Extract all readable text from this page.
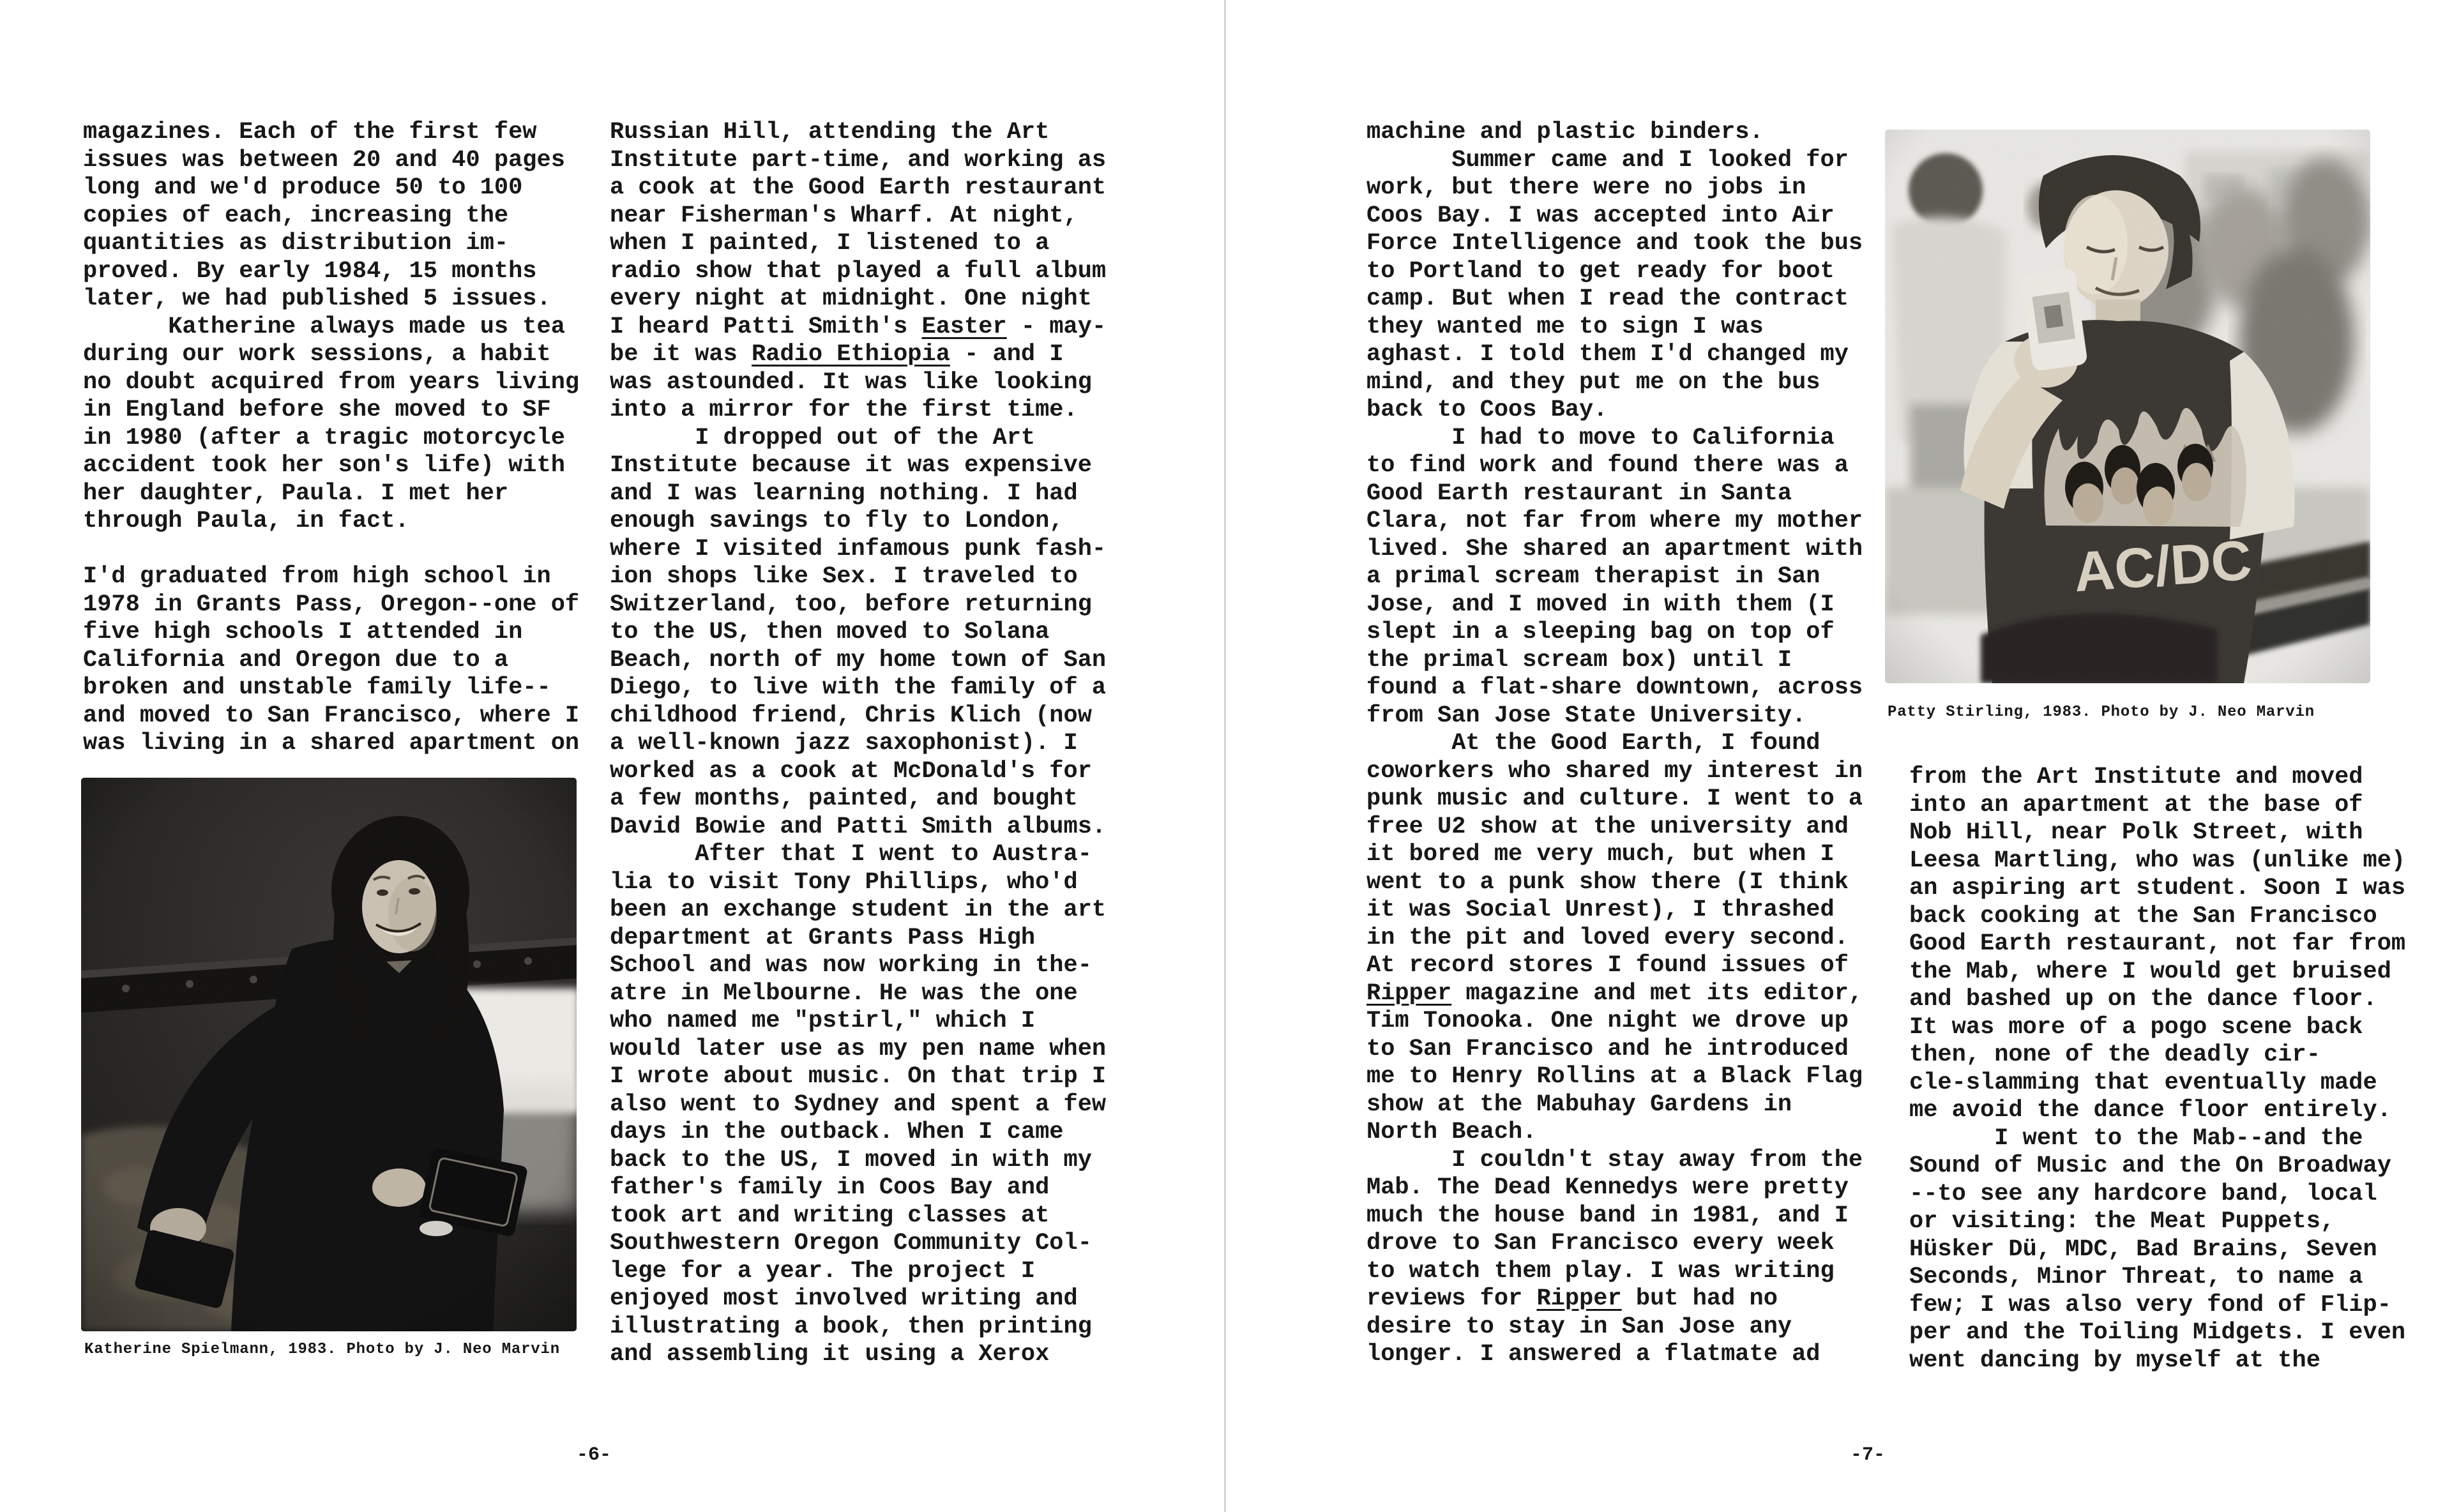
magazines. Each of the first few
issues was between 20 and 40 pages
long and we'd produce 50 to 100
copies of each, increasing the
quantities as distribution im-
proved. By early 1984, 15 months
later, we had published 5 issues.
Katherine always made us tea
during our work sessions, a habit
no doubt acquired from years living
in England before she moved to SF
in 1980 (after a tragic motorcycle
accident took her son's life) with
her daughter, Paula. I met her
through Paula, in fact.

I'd graduated from high school in
1978 in Grants Pass, Oregon--one of
five high schools I attended in
California and Oregon due to a
broken and unstable family life--
and moved to San Francisco, where I
was living in a shared apartment on
Russian Hill, attending the Art
Institute part-time, and working as
a cook at the Good Earth restaurant
near Fisherman's Wharf. At night,
when I painted, I listened to a
radio show that played a full album
every night at midnight. One night
I heard Patti Smith's Easter - may-
be it was Radio Ethiopia - and I
was astounded. It was like looking
into a mirror for the first time.
I dropped out of the Art
Institute because it was expensive
and I was learning nothing. I had
enough savings to fly to London,
where I visited infamous punk fash-
ion shops like Sex. I traveled to
Switzerland, too, before returning
to the US, then moved to Solana
Beach, north of my home town of San
Diego, to live with the family of a
childhood friend, Chris Klich (now
a well-known jazz saxophonist). I
worked as a cook at McDonald's for
a few months, painted, and bought
David Bowie and Patti Smith albums.
After that I went to Austra-
lia to visit Tony Phillips, who'd
been an exchange student in the art
department at Grants Pass High
School and was now working in the-
atre in Melbourne. He was the one
who named me "pstirl," which I
would later use as my pen name when
I wrote about music. On that trip I
also went to Sydney and spent a few
days in the outback. When I came
back to the US, I moved in with my
father's family in Coos Bay and
took art and writing classes at
Southwestern Oregon Community Col-
lege for a year. The project I
enjoyed most involved writing and
illustrating a book, then printing
and assembling it using a Xerox
Katherine Spielmann, 1983. Photo by J. Neo Marvin
-6-
machine and plastic binders.
Summer came and I looked for
work, but there were no jobs in
Coos Bay. I was accepted into Air
Force Intelligence and took the bus
to Portland to get ready for boot
camp. But when I read the contract
they wanted me to sign I was
aghast. I told them I'd changed my
mind, and they put me on the bus
back to Coos Bay.
I had to move to California
to find work and found there was a
Good Earth restaurant in Santa
Clara, not far from where my mother
lived. She shared an apartment with
a primal scream therapist in San
Jose, and I moved in with them (I
slept in a sleeping bag on top of
the primal scream box) until I
found a flat-share downtown, across
from San Jose State University.
At the Good Earth, I found
coworkers who shared my interest in
punk music and culture. I went to a
free U2 show at the university and
it bored me very much, but when I
went to a punk show there (I think
it was Social Unrest), I thrashed
in the pit and loved every second.
At record stores I found issues of
Ripper magazine and met its editor,
Tim Tonooka. One night we drove up
to San Francisco and he introduced
me to Henry Rollins at a Black Flag
show at the Mabuhay Gardens in
North Beach.
I couldn't stay away from the
Mab. The Dead Kennedys were pretty
much the house band in 1981, and I
drove to San Francisco every week
to watch them play. I was writing
reviews for Ripper but had no
desire to stay in San Jose any
longer. I answered a flatmate ad
Patty Stirling, 1983. Photo by J. Neo Marvin
from the Art Institute and moved
into an apartment at the base of
Nob Hill, near Polk Street, with
Leesa Martling, who was (unlike me)
an aspiring art student. Soon I was
back cooking at the San Francisco
Good Earth restaurant, not far from
the Mab, where I would get bruised
and bashed up on the dance floor.
It was more of a pogo scene back
then, none of the deadly cir-
cle-slamming that eventually made
me avoid the dance floor entirely.
I went to the Mab--and the
Sound of Music and the On Broadway
--to see any hardcore band, local
or visiting: the Meat Puppets,
Hüsker Dü, MDC, Bad Brains, Seven
Seconds, Minor Threat, to name a
few; I was also very fond of Flip-
per and the Toiling Midgets. I even
went dancing by myself at the
-7-
